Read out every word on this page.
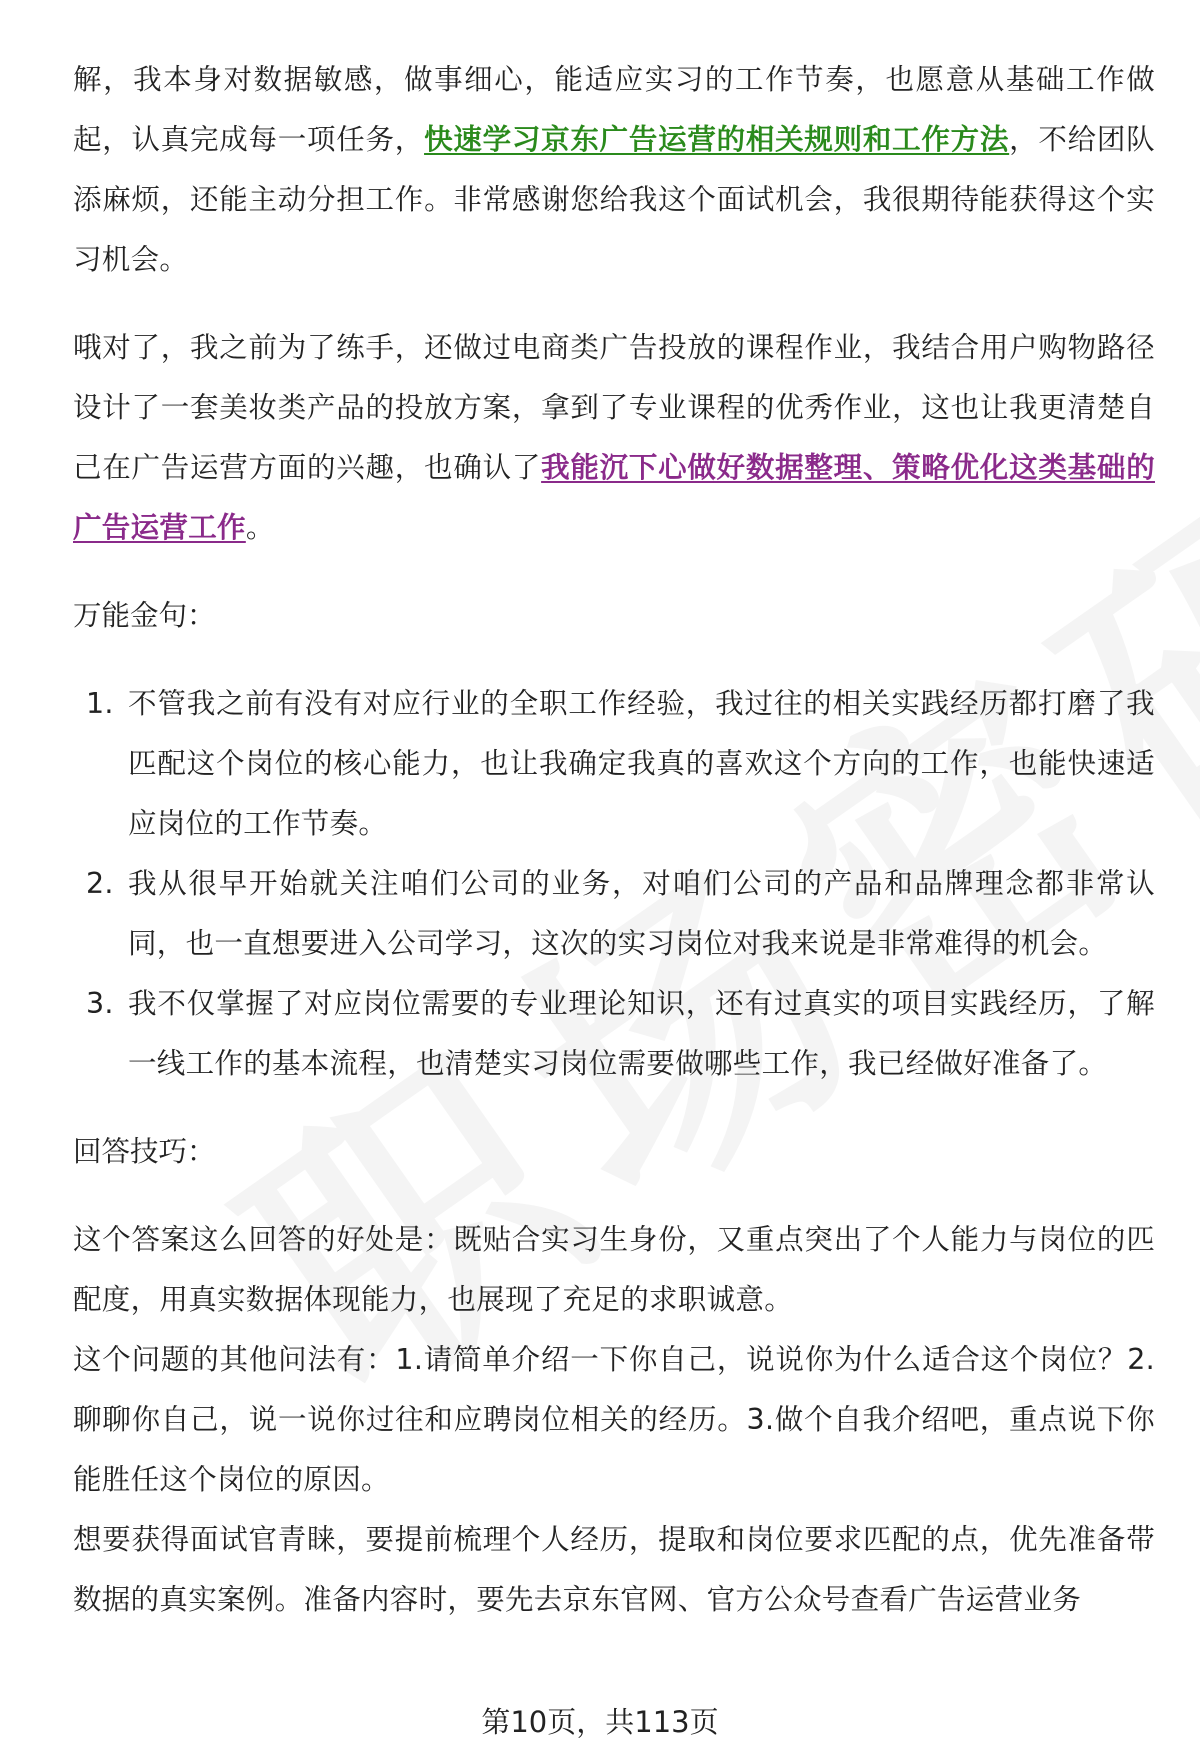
解，我本身对数据敏感，做事细心，能适应实习的工作节奏，也愿意从基础工作做起，认真完成每一项任务，快速学习京东广告运营的相关规则和工作方法，不给团队添麻烦，还能主动分担工作。非常感谢您给我这个面试机会，我很期待能获得这个实习机会。

哦对了，我之前为了练手，还做过电商类广告投放的课程作业，我结合用户购物路径设计了一套美妆类产品的投放方案，拿到了专业课程的优秀作业，这也让我更清楚自己在广告运营方面的兴趣，也确认了我能沉下心做好数据整理、策略优化这类基础的广告运营工作。

万能金句：
1. 不管我之前有没有对应行业的全职工作经验，我过往的相关实践经历都打磨了我匹配这个岗位的核心能力，也让我确定我真的喜欢这个方向的工作，也能快速适应岗位的工作节奏。
2. 我从很早开始就关注咱们公司的业务，对咱们公司的产品和品牌理念都非常认同，也一直想要进入公司学习，这次的实习岗位对我来说是非常难得的机会。
3. 我不仅掌握了对应岗位需要的专业理论知识，还有过真实的项目实践经历，了解一线工作的基本流程，也清楚实习岗位需要做哪些工作，我已经做好准备了。
回答技巧：

这个答案这么回答的好处是：既贴合实习生身份，又重点突出了个人能力与岗位的匹配度，用真实数据体现能力，也展现了充足的求职诚意。

这个问题的其他问法有：1.请简单介绍一下你自己，说说你为什么适合这个岗位？2.聊聊你自己，说一说你过往和应聘岗位相关的经历。3.做个自我介绍吧，重点说下你能胜任这个岗位的原因。

想要获得面试官青睐，要提前梳理个人经历，提取和岗位要求匹配的点，优先准备带数据的真实案例。准备内容时，要先去京东官网、官方公众号查看广告运营业务

第10页，共113页
